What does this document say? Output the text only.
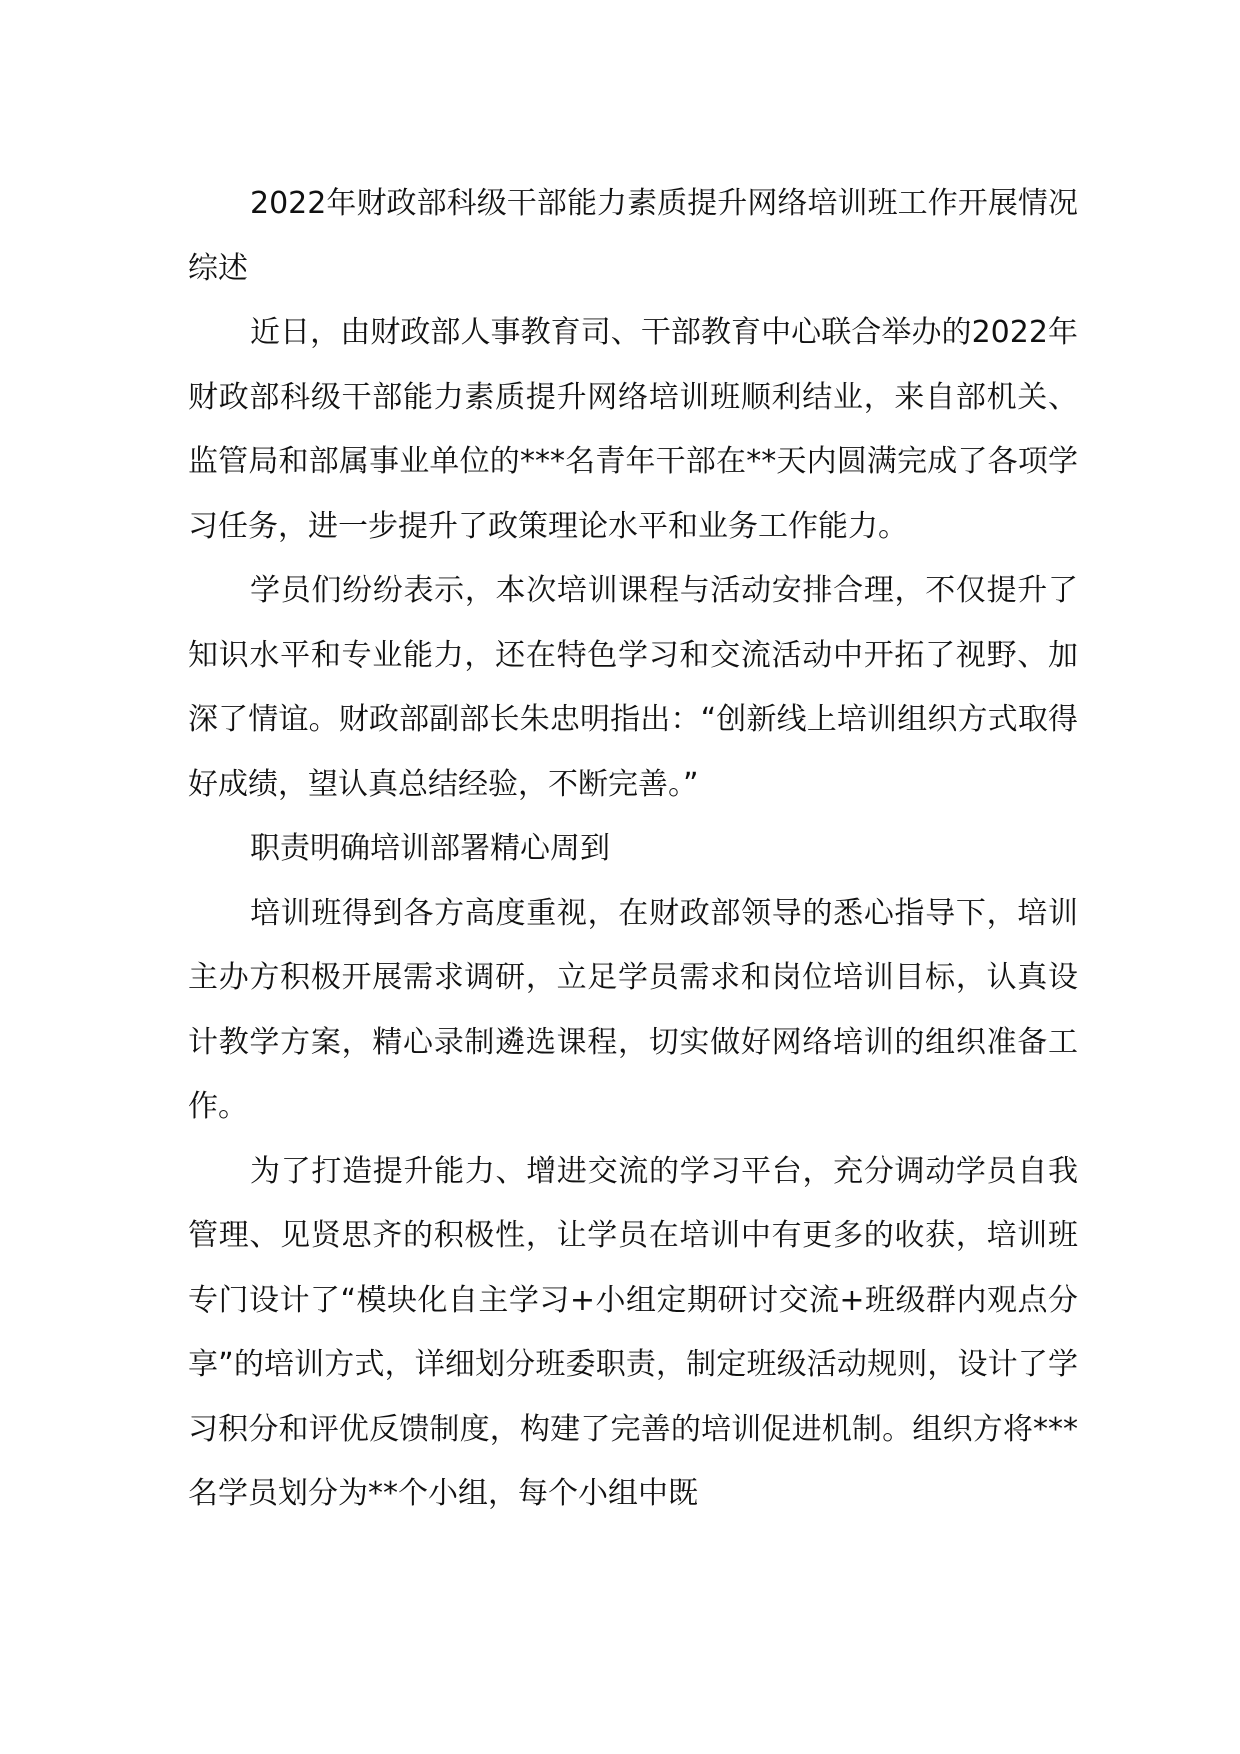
2022年财政部科级干部能力素质提升网络培训班工作开展情况综述

近日，由财政部人事教育司、干部教育中心联合举办的2022年财政部科级干部能力素质提升网络培训班顺利结业，来自部机关、监管局和部属事业单位的***名青年干部在**天内圆满完成了各项学习任务，进一步提升了政策理论水平和业务工作能力。

学员们纷纷表示，本次培训课程与活动安排合理，不仅提升了知识水平和专业能力，还在特色学习和交流活动中开拓了视野、加深了情谊。财政部副部长朱忠明指出：“创新线上培训组织方式取得好成绩，望认真总结经验，不断完善。”

职责明确培训部署精心周到

培训班得到各方高度重视，在财政部领导的悉心指导下，培训主办方积极开展需求调研，立足学员需求和岗位培训目标，认真设计教学方案，精心录制遴选课程，切实做好网络培训的组织准备工作。

为了打造提升能力、增进交流的学习平台，充分调动学员自我管理、见贤思齐的积极性，让学员在培训中有更多的收获，培训班专门设计了“模块化自主学习+小组定期研讨交流+班级群内观点分享”的培训方式，详细划分班委职责，制定班级活动规则，设计了学习积分和评优反馈制度，构建了完善的培训促进机制。组织方将***名学员划分为**个小组，每个小组中既
